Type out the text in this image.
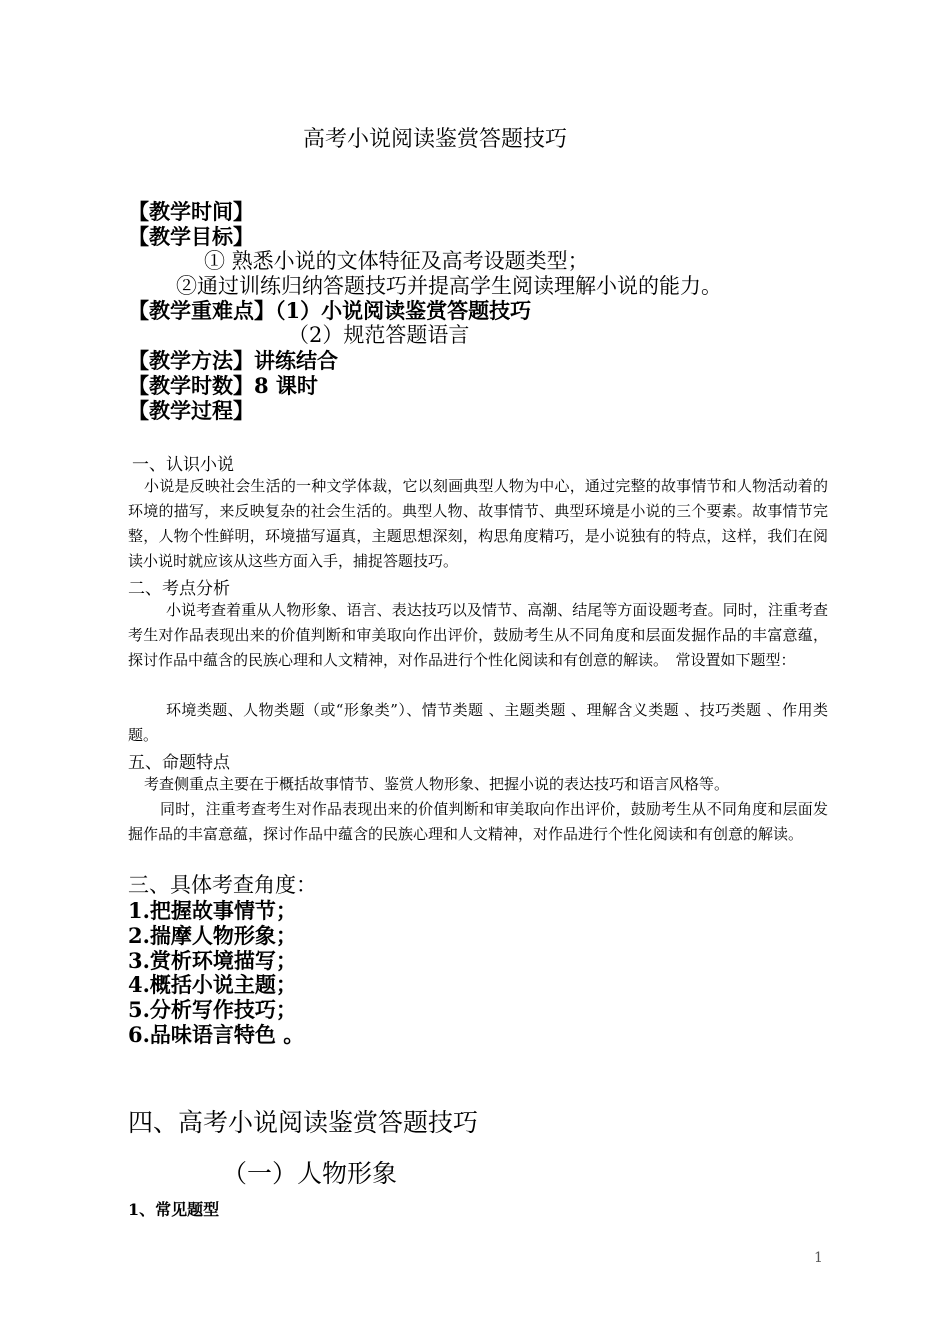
高考小说阅读鉴赏答题技巧
【教学时间】
【教学目标】
① 熟悉小说的文体特征及高考设题类型；
②通过训练归纳答题技巧并提高学生阅读理解小说的能力。
【教学重难点】（1）小说阅读鉴赏答题技巧
（2）规范答题语言
【教学方法】讲练结合
【教学时数】8 课时
【教学过程】
一、认识小说
小说是反映社会生活的一种文学体裁，它以刻画典型人物为中心，通过完整的故事情节和人物活动着的环境的描写，来反映复杂的社会生活的。典型人物、故事情节、典型环境是小说的三个要素。故事情节完整，人物个性鲜明，环境描写逼真，主题思想深刻，构思角度精巧，是小说独有的特点，这样，我们在阅读小说时就应该从这些方面入手，捕捉答题技巧。
二、考点分析
小说考查着重从人物形象、语言、表达技巧以及情节、高潮、结尾等方面设题考查。同时，注重考查考生对作品表现出来的价值判断和审美取向作出评价，鼓励考生从不同角度和层面发掘作品的丰富意蕴，探讨作品中蕴含的民族心理和人文精神，对作品进行个性化阅读和有创意的解读。　常设置如下题型：
环境类题、人物类题（或“形象类”）、情节类题 、主题类题 、理解含义类题 、技巧类题 、作用类题。
五、命题特点
考查侧重点主要在于概括故事情节、鉴赏人物形象、把握小说的表达技巧和语言风格等。
同时，注重考查考生对作品表现出来的价值判断和审美取向作出评价，鼓励考生从不同角度和层面发掘作品的丰富意蕴，探讨作品中蕴含的民族心理和人文精神，对作品进行个性化阅读和有创意的解读。
三、具体考查角度：
1.把握故事情节；
2.揣摩人物形象；
3.赏析环境描写；
4.概括小说主题；
5.分析写作技巧；
6.品味语言特色 。
四、高考小说阅读鉴赏答题技巧
（一）人物形象
1、常见题型
1
